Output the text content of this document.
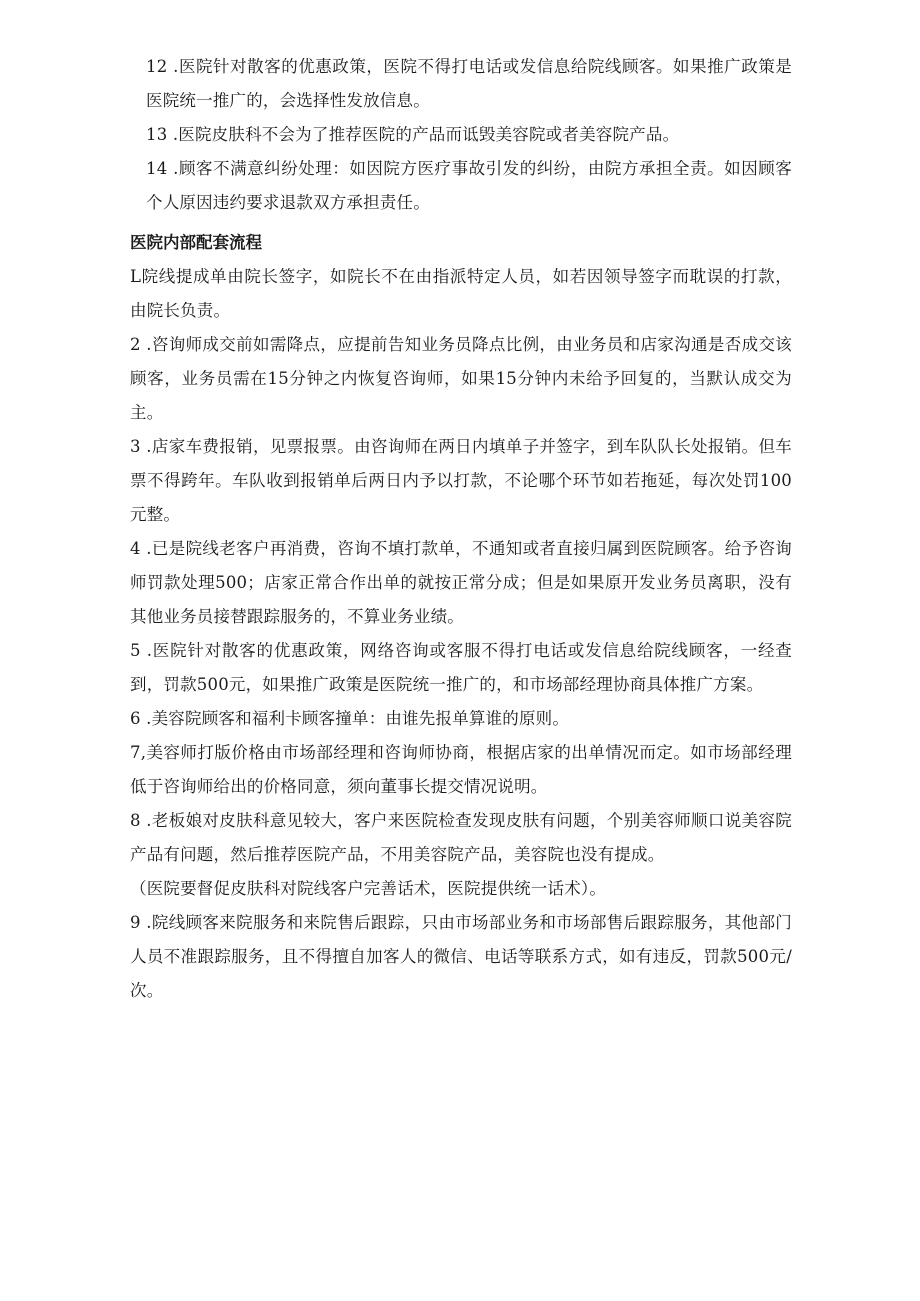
12 .医院针对散客的优惠政策，医院不得打电话或发信息给院线顾客。如果推广政策是医院统一推广的，会选择性发放信息。

13 .医院皮肤科不会为了推荐医院的产品而诋毁美容院或者美容院产品。

14 .顾客不满意纠纷处理：如因院方医疗事故引发的纠纷，由院方承担全责。如因顾客个人原因违约要求退款双方承担责任。

医院内部配套流程

L院线提成单由院长签字，如院长不在由指派特定人员，如若因领导签字而耽误的打款，由院长负责。

2 .咨询师成交前如需降点，应提前告知业务员降点比例，由业务员和店家沟通是否成交该顾客，业务员需在15分钟之内恢复咨询师，如果15分钟内未给予回复的，当默认成交为主。

3 .店家车费报销，见票报票。由咨询师在两日内填单子并签字，到车队队长处报销。但车票不得跨年。车队收到报销单后两日内予以打款，不论哪个环节如若拖延，每次处罚100元整。

4 .已是院线老客户再消费，咨询不填打款单，不通知或者直接归属到医院顾客。给予咨询师罚款处理500；店家正常合作出单的就按正常分成；但是如果原开发业务员离职，没有其他业务员接替跟踪服务的，不算业务业绩。

5 .医院针对散客的优惠政策，网络咨询或客服不得打电话或发信息给院线顾客，一经查到，罚款500元，如果推广政策是医院统一推广的，和市场部经理协商具体推广方案。

6 .美容院顾客和福利卡顾客撞单：由谁先报单算谁的原则。

7,美容师打版价格由市场部经理和咨询师协商，根据店家的出单情况而定。如市场部经理低于咨询师给出的价格同意，须向董事长提交情况说明。

8 .老板娘对皮肤科意见较大，客户来医院检查发现皮肤有问题，个别美容师顺口说美容院产品有问题，然后推荐医院产品，不用美容院产品，美容院也没有提成。

（医院要督促皮肤科对院线客户完善话术，医院提供统一话术）。

9 .院线顾客来院服务和来院售后跟踪，只由市场部业务和市场部售后跟踪服务，其他部门人员不准跟踪服务，且不得擅自加客人的微信、电话等联系方式，如有违反，罚款500元/次。
